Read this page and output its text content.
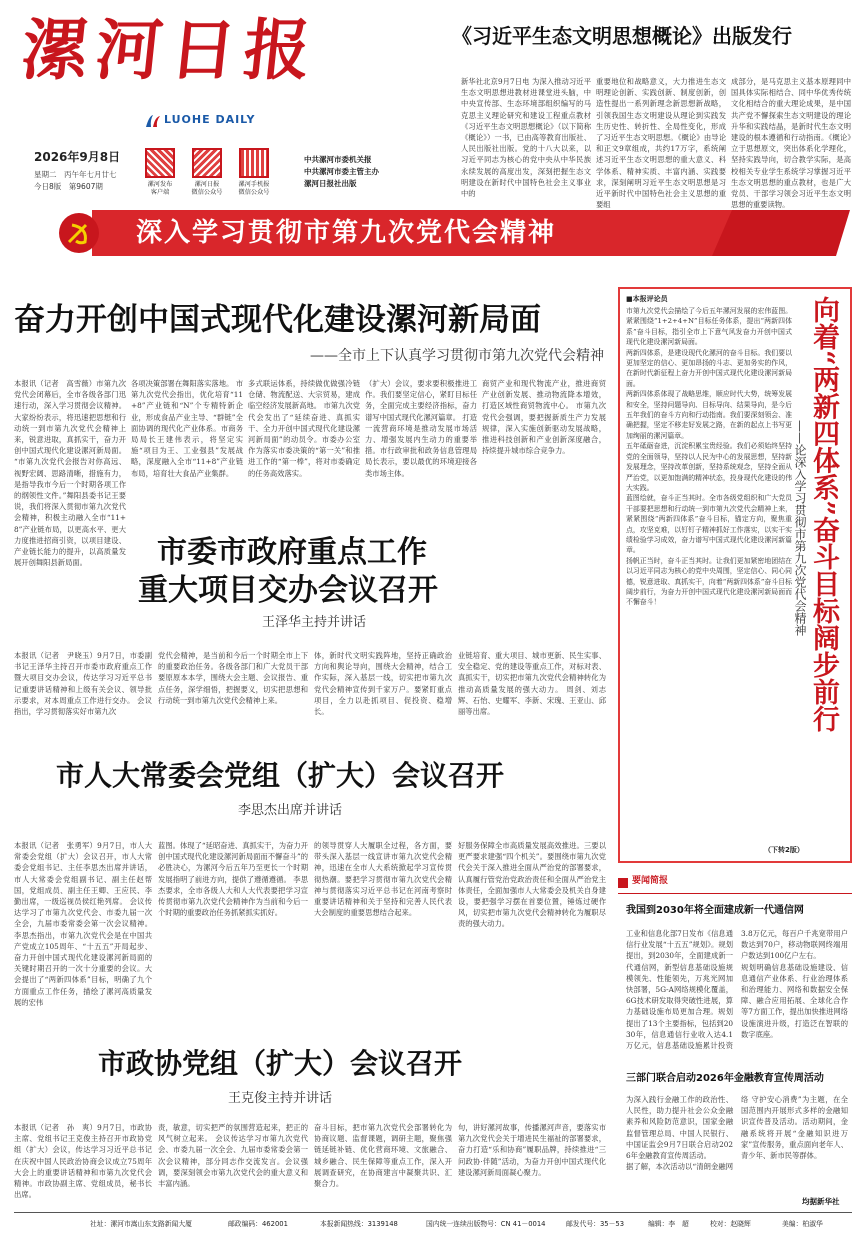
漯河日报
LUOHE DAILY
2026年9月8日
星期二　丙午年七月廿七
今日8版　第9607期	漯河发布
客户端
漯河日报
微信公众号
漯河手机报
微信公众号
中共漯河市委机关报
中共漯河市委主管主办
漯河日报社出版
《习近平生态文明思想概论》出版发行
新华社北京9月7日电 为深入推动习近平生态文明思想进教材进课堂进头脑，中中央宣传部、生态环境部组织编写的马克思主义理论研究和建设工程重点教材《习近平生态文明思想概论》（以下简称《概论》）一书，已由高等教育出版社、人民出版社出版。党的十八大以来，以习近平同志为核心的党中央从中华民族永续发展的高度出发，深刻把握生态文明建设在新时代中国特色社会主义事业中的
重要地位和战略意义，大力推进生态文明理论创新、实践创新、制度创新，创造性提出一系列新理念新思想新战略，引领我国生态文明建设从理论到实践发生历史性、转折性、全局性变化，形成了习近平生态文明思想。《概论》由导论和正文9章组成，共约17万字，系统阐述习近平生态文明思想的重大意义、科学体系、精神实质、丰富内涵、实践要求，深刻阐明习近平生态文明思想是习近平新时代中国特色社会主义思想的重要组
成部分，是马克思主义基本原理同中国具体实际相结合、同中华优秀传统文化相结合的重大理论成果，是中国共产党不懈探索生态文明建设的理论升华和实践结晶，是新时代生态文明建设的根本遵循和行动指南。《概论》立于思想原文，突出体系化学理化，坚持实践导向，切合教学实际，是高校相关专业学生系统学习掌握习近平生态文明思想的重点教材，也是广大党员、干部学习领会习近平生态文明思想的重要读物。
深入学习贯彻市第九次党代会精神
奋力开创中国式现代化建设漯河新局面
——全市上下认真学习贯彻市第九次党代会精神
本报讯（记者　高雪薇）市第九次党代会闭幕后，全市各级各部门迅速行动，深入学习贯彻会议精神。大家纷纷表示，将迅速把思想和行动统一到市第九次党代会精神上来，锐意进取，真抓实干，奋力开创中国式现代化建设漯河新局面。 “市第九次党代会报告对你高远、视野宏阔、思路清晰，措施有力，是指导我市今后一个时期各项工作的纲领性文件。”舞阳县委书记王要说，我们将深入贯彻市第九次党代会精神，积极主动融入全市“11+8”产业链布局，以更高水平、更大力度推进招商引资，以项目建设、产业链长能力的提升，以高质量发展开创舞阳县新局面。
各项决策部署在舞阳落实落地。 市第九次党代会指出，优化培育“11+8”产业链和“N”个专精特新企业，形成食品产业主导、“群链”全面协调的现代化产业体系。市商务局局长王建伟表示，将坚定实施“项目为王、工业强县”发展战略，深度融入全市“11+8”产业链布局，培育壮大食品产业集群。
多式联运体系，持续做优做强冷链仓储、物流配送、大宗贸易，建成临空经济发展新高地。 市第九次党代会发出了“延续奋进、真抓实干、全力开创中国式现代化建设漯河新局面”的动员令。市委办公室作为落实市委决策的“第一关”和推进工作的“第一棒”，将对市委确定的任务高效落实。
（扩大）会议，要求要积极推进工作。我们要坚定信心，紧盯目标任务，全面完成主要经济指标，奋力谱写中国式现代化漯河篇章。 打造一流营商环境是推动发展市场活力、增强发展内生动力的重要举措。市行政审批和政务信息管理局局长表示，要以最优的环境迎接各类市场主体。
商贸产业和现代物流产业，推进商贸产业创新发展、推动物流降本增效，打造区域性商贸物流中心。 市第九次党代会强调，要把握新质生产力发展规律，深入实施创新驱动发展战略，推进科技创新和产业创新深度融合，持续提升城市综合竞争力。
市委市政府重点工作
重大项目交办会议召开
王泽华主持并讲话
本报讯（记者　尹晓玉）9月7日，市委副书记王泽华主持召开市委市政府重点工作暨大项目交办会议，传达学习习近平总书记重要讲话精神和上级有关会议、领导批示要求，对本周重点工作进行交办。 会议指出，学习贯彻落实好市第九次
党代会精神，是当前和今后一个时期全市上下的重要政治任务。各级各部门和广大党员干部要原原本本学，围绕大会主题、会议报告、重点任务，深学细悟，把握要义，切实把思想和行动统一到市第九次党代会精神上来。
体，新时代文明实践阵地，坚持正确政治方向和舆论导向，围绕大会精神，结合工作实际，深入基层一线，切实把市第九次党代会精神宣传到千家万户。要紧盯重点项目，全力以赴抓项目、促投资、稳增长。
业链培育、重大项目、城市更新、民生实事、安全稳定、党的建设等重点工作，对标对表、真抓实干，切实把市第九次党代会精神转化为推动高质量发展的强大动力。 周剑、刘志辉、石怡、史耀军、李新、宋瑰、王亚山、邱丽等出席。
市人大常委会党组（扩大）会议召开
李思杰出席并讲话
本报讯（记者　张勇军）9月7日，市人大常委会党组（扩大）会议召开，市人大常委会党组书记、主任李思杰出席并讲话，市人大常委会党组副书记、副主任赵帮国，党组成员、副主任王卿、王应民、李勤出席，一级巡视员侯红艳列席。 会议传达学习了市第九次党代会、市委九届一次全会，九届市委常委会第一次会议精神。李思杰指出，市第九次党代会是在中国共产党成立105周年、“十五五”开局起步、奋力开创中国式现代化建设漯河新局面的关键时期召开的一次十分重要的会议。大会提出了“两新四体系”目标，明确了九个方面重点工作任务，描绘了漯河高质量发展的宏伟
蓝图。体现了“延昭奋进、真抓实干，为奋力开创中国式现代化建设漯河新局面而不懈奋斗”的必胜决心，为漯河今后五年乃至更长一个时期发展指明了前进方向，提供了遵循遵循。 李思杰要求，全市各级人大和人大代表要把学习宣传贯彻市第九次党代会精神作为当前和今后一个时期的重要政治任务抓紧抓实抓好。
的领导贯穿人大履职全过程，各方面，要带头深入基层一线宣讲市第九次党代会精神，迅速在全市人大系统掀起学习宣传贯彻热潮。要把学习贯彻市第九次党代会精神与贯彻落实习近平总书记在河南考察时重要讲话精神和关于坚持和完善人民代表大会制度的重要思想结合起来。
好服务保障全市高质量发展高效推进。三要以更严要求建强“四个机关”。要围绕市第九次党代会关于深入推进全面从严治党的部署要求，认真履行管党治党政治责任和全面从严治党主体责任，全面加强市人大常委会及机关自身建设，要把强学习摆在首要位置，锤炼过硬作风，切实把市第九次党代会精神转化为履职尽责的强大动力。
市政协党组（扩大）会议召开
王克俊主持并讲话
本报讯（记者　孙　爽）9月7日，市政协主席、党组书记王克俊主持召开市政协党组（扩大）会议，传达学习习近平总书记在庆祝中国人民政治协商会议成立75周年大会上的重要讲话精神和市第九次党代会精神。市政协副主席、党组成员，秘书长出席。
责，敏意，切实把严的氛围营造起来，把正的风气树立起来。 会议传达学习市第九次党代会、市委九届一次全会、九届市委常委会第一次会议精神，部分同志作交流发言。会议强调，要深刻领会市第九次党代会的重大意义和丰富内涵。
奋斗目标，把市第九次党代会部署转化为协商议题、监督课题，调研主题，聚焦强链延链补链、优化营商环境、文旅融合、城乡融合、民生保障等重点工作，深入开展调查研究，在协商建言中凝聚共识、汇聚合力。
句，讲好漯河故事，传播漯河声音，要落实市第九次党代会关于增进民生福祉的部署要求，奋力打造“乐和协商”履职品牌，持续推进“三问政协·伴随”活动，为奋力开创中国式现代化建设漯河新局面凝心聚力。
■本报评论员
市第九次党代会描绘了今后五年漯河发展的宏伟蓝图。紧紧围绕“1+2+4+N”目标任务体系，提出“两新四体系”奋斗目标，指引全市上下意气风发奋力开创中国式现代化建设漯河新局面。
两新四体系，是建设现代化漯河的奋斗目标。我们要以更加坚定的信心、更加昂扬的斗志、更加务实的作风，在新时代新征程上奋力开创中国式现代化建设漯河新局面。
两新四体系体现了战略思维，顺应时代大势，统筹发展和安全，坚持问题导向、目标导向、结果导向，是今后五年我们的奋斗方向和行动指南。我们要深刻领会、准确把握，坚定不移走好发展之路，在新的起点上书写更加绚丽的漯河篇章。
五年砥砺奋进，沉淀积累宝贵经验。我们必须始终坚持党的全面领导，坚持以人民为中心的发展思想，坚持新发展理念，坚持改革创新，坚持系统观念，坚持全面从严治党，以更加饱满的精神状态，投身现代化建设的伟大实践。
蓝图绘就，奋斗正当其时。全市各级党组织和广大党员干部要把思想和行动统一到市第九次党代会精神上来，紧紧围绕“两新四体系”奋斗目标，锚定方向，聚焦重点，攻坚克难，以钉钉子精神抓好工作落实，以实干实绩检验学习成效，奋力谱写中国式现代化建设漯河新篇章。
扬帆正当时，奋斗正当其时。让我们更加紧密地团结在以习近平同志为核心的党中央周围，坚定信心、同心同德，锐意进取、真抓实干，向着“两新四体系”奋斗目标阔步前行，为奋力开创中国式现代化建设漯河新局面而不懈奋斗！
（下转2版）
向着“两新四体系”奋斗目标阔步前行
——论深入学习贯彻市第九次党代会精神
要闻简报
我国到2030年将全面建成新一代通信网
工业和信息化部7日发布《信息通信行业发展“十五五”规划》。规划提出，到2030年，全面建成新一代通信网，新型信息基础设施规模领先、性能领先，万兆光网加快部署，5G-A网络规模化覆盖，6G技术研发取得突破性进展，算力基础设施布局更加合理。规划提出了13个主要指标，包括到2030年，信息通信行业收入达4.1万亿元，信息基础设施累计投资3.8万亿元，每百户千兆宽带用户数达到70户，移动物联网终端用户数达到100亿户左右。
规划明确信息基础设施建设、信息通信产业体系、行业治理体系和治理能力、网络和数据安全保障、融合应用拓展、全球化合作等7方面工作，提出加快推进网络设施演进升级，打造泛在智联的数字底座。
三部门联合启动2026年金融教育宣传周活动
为深入践行金融工作的政治性、人民性，助力提升社会公众金融素养和风险防范意识，国家金融监督管理总局、中国人民银行、中国证监会9月7日联合启动2026年金融教育宣传周活动。
据了解，本次活动以“清朗金融网络 守护安心消费”为主题，在全国范围内开展形式多样的金融知识宣传普及活动。活动期间，金融系统将开展“金融知识进万家”宣传服务，重点面向老年人、青少年、新市民等群体。
均据新华社
社址：漯河市嵩山东支路新闻大厦	邮政编码：462001	本报新闻热线：3139148	国内统一连续出版物号：CN 41－0014	邮发代号：35－53	编辑：李　超	校对：赵晓辉	美编：柏淑华
